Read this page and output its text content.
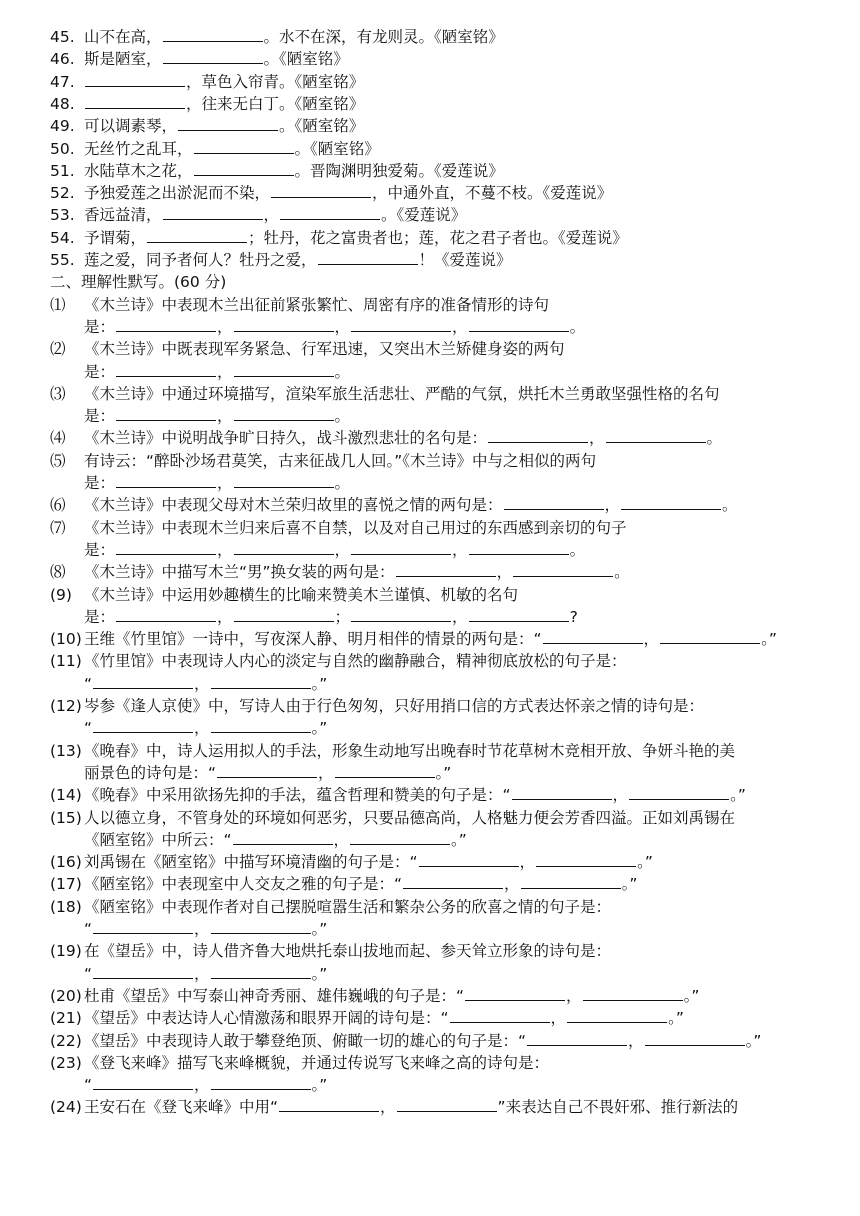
45. 山不在高，	。水不在深，有龙则灵。《陋室铭》
46. 斯是陋室，	。《陋室铭》
47.	，草色入帘青。《陋室铭》
48.	，往来无白丁。《陋室铭》
49. 可以调素琴，	。《陋室铭》
50. 无丝竹之乱耳，	。《陋室铭》
51. 水陆草木之花，	。晋陶渊明独爱菊。《爱莲说》
52. 予独爱莲之出淤泥而不染，	，中通外直，不蔓不枝。《爱莲说》
53. 香远益清，	，	。《爱莲说》
54. 予谓菊，	；牡丹，花之富贵者也；莲，花之君子者也。《爱莲说》
55. 莲之爱，同予者何人？牡丹之爱，	！《爱莲说》
二、理解性默写。(60 分)
⑴ 《木兰诗》中表现木兰出征前紧张繁忙、周密有序的准备情形的诗句
是：	，	，	，	。
⑵ 《木兰诗》中既表现军务紧急、行军迅速，又突出木兰矫健身姿的两句
是：	，	。
⑶ 《木兰诗》中通过环境描写，渲染军旅生活悲壮、严酷的气氛，烘托木兰勇敢坚强性格的名句
是：	，	。
⑷ 《木兰诗》中说明战争旷日持久，战斗激烈悲壮的名句是：	，	。
⑸ 有诗云：“醉卧沙场君莫笑，古来征战几人回。”《木兰诗》中与之相似的两句
是：	，	。
⑹ 《木兰诗》中表现父母对木兰荣归故里的喜悦之情的两句是：	，	。
⑺ 《木兰诗》中表现木兰归来后喜不自禁，以及对自己用过的东西感到亲切的句子
是：	，	，	，	。
⑻ 《木兰诗》中描写木兰“男”换女装的两句是：	，	。
(9) 《木兰诗》中运用妙趣横生的比喻来赞美木兰谨慎、机敏的名句
是：	，	；	，	?
(10) 王维《竹里馆》一诗中，写夜深人静、明月相伴的情景的两句是：“	，	。”
(11) 《竹里馆》中表现诗人内心的淡定与自然的幽静融合，精神彻底放松的句子是：
“	，	。”
(12) 岑参《逢人京使》中，写诗人由于行色匆匆，只好用捎口信的方式表达怀亲之情的诗句是：
“	，	。”
(13) 《晚春》中，诗人运用拟人的手法，形象生动地写出晚春时节花草树木竞相开放、争妍斗艳的美
丽景色的诗句是：“	，	。”
(14) 《晚春》中采用欲扬先抑的手法，蕴含哲理和赞美的句子是：“	，	。”
(15) 人以德立身，不管身处的环境如何恶劣，只要品德高尚，人格魅力便会芳香四溢。正如刘禹锡在
《陋室铭》中所云：“	，	。”
(16) 刘禹锡在《陋室铭》中描写环境清幽的句子是：“	，	。”
(17) 《陋室铭》中表现室中人交友之雅的句子是：“	，	。”
(18) 《陋室铭》中表现作者对自己摆脱喧嚣生活和繁杂公务的欣喜之情的句子是：
“	，	。”
(19) 在《望岳》中，诗人借齐鲁大地烘托泰山拔地而起、参天耸立形象的诗句是：
“	，	。”
(20) 杜甫《望岳》中写泰山神奇秀丽、雄伟巍峨的句子是：“	，	。”
(21) 《望岳》中表达诗人心情激荡和眼界开阔的诗句是：“	，	。”
(22) 《望岳》中表现诗人敢于攀登绝顶、俯瞰一切的雄心的句子是：“	，	。”
(23) 《登飞来峰》描写飞来峰概貌，并通过传说写飞来峰之高的诗句是：
“	，	。”
(24) 王安石在《登飞来峰》中用“	，	”来表达自己不畏奸邪、推行新法的
